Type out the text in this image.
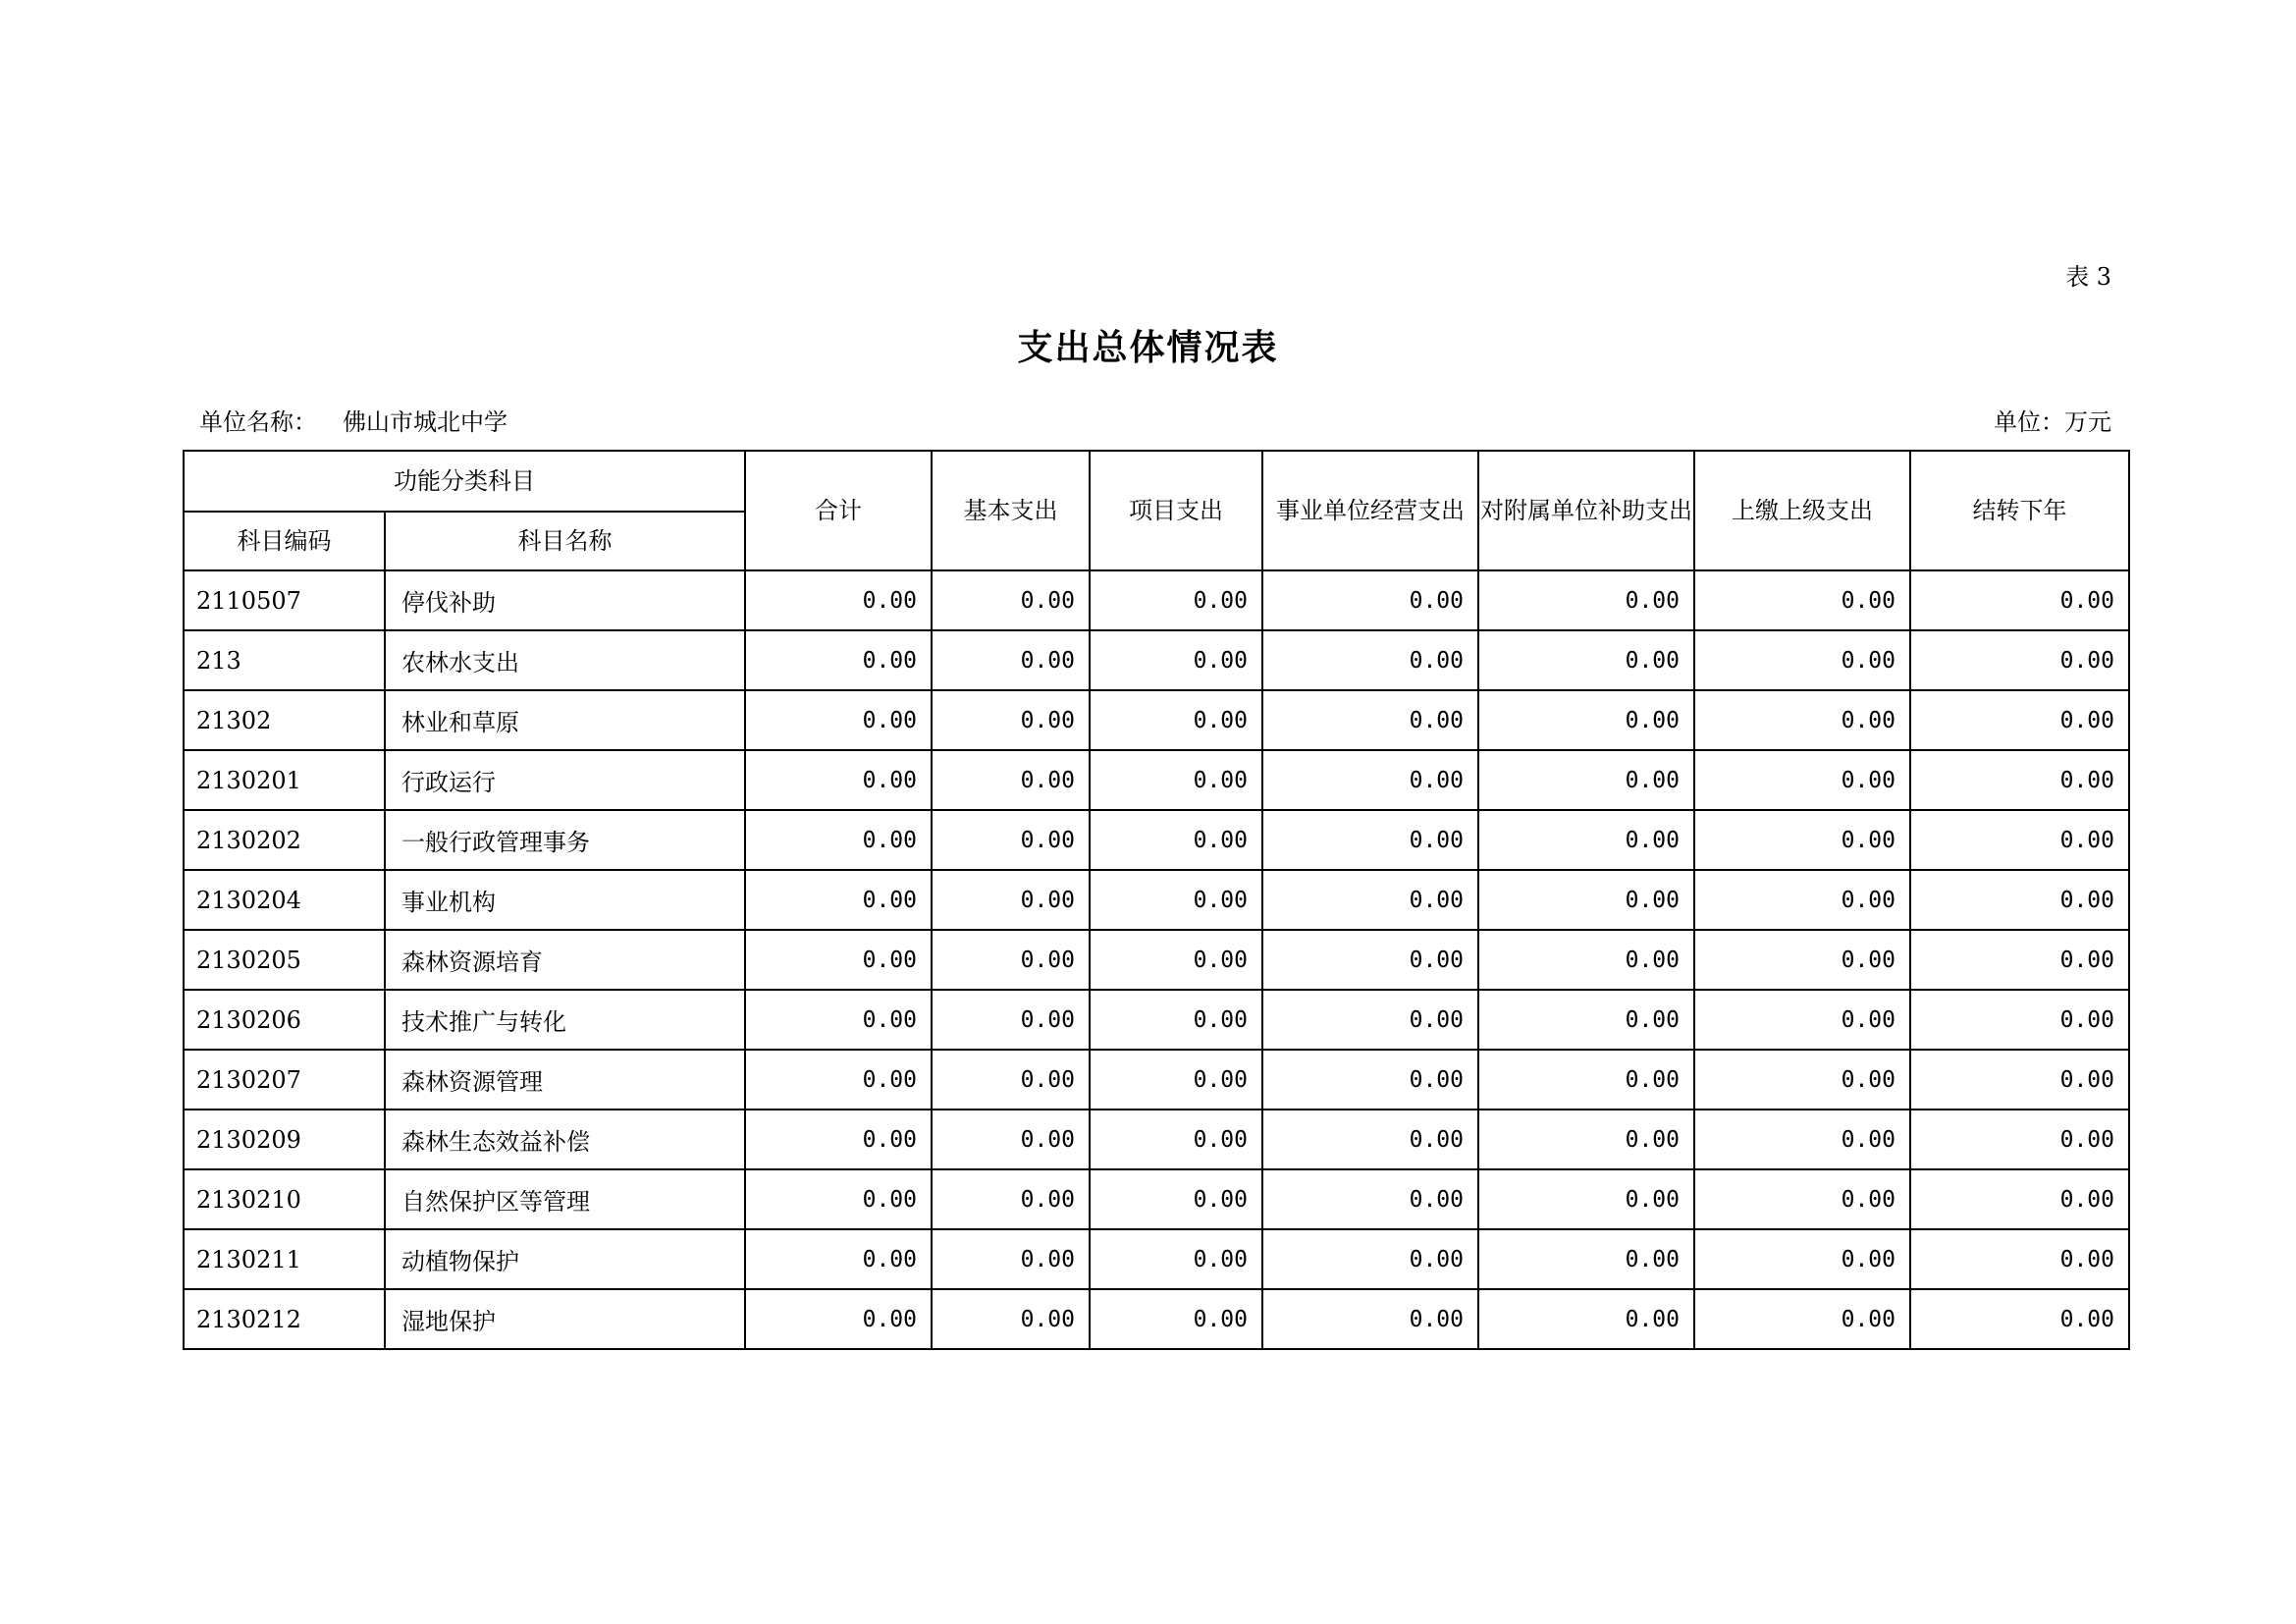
表 3
支出总体情况表
单位名称： 佛山市城北中学	单位：万元
功能分类科目		合计	基本支出	项目支出	事业单位经营支出	对附属单位补助支出	上缴上级支出	结转下年
科目编码	科目名称							
2110507	停伐补助	0.00	0.00	0.00	0.00	0.00	0.00	0.00
213	农林水支出	0.00	0.00	0.00	0.00	0.00	0.00	0.00
21302	林业和草原	0.00	0.00	0.00	0.00	0.00	0.00	0.00
2130201	行政运行	0.00	0.00	0.00	0.00	0.00	0.00	0.00
2130202	一般行政管理事务	0.00	0.00	0.00	0.00	0.00	0.00	0.00
2130204	事业机构	0.00	0.00	0.00	0.00	0.00	0.00	0.00
2130205	森林资源培育	0.00	0.00	0.00	0.00	0.00	0.00	0.00
2130206	技术推广与转化	0.00	0.00	0.00	0.00	0.00	0.00	0.00
2130207	森林资源管理	0.00	0.00	0.00	0.00	0.00	0.00	0.00
2130209	森林生态效益补偿	0.00	0.00	0.00	0.00	0.00	0.00	0.00
2130210	自然保护区等管理	0.00	0.00	0.00	0.00	0.00	0.00	0.00
2130211	动植物保护	0.00	0.00	0.00	0.00	0.00	0.00	0.00
2130212	湿地保护	0.00	0.00	0.00	0.00	0.00	0.00	0.00
